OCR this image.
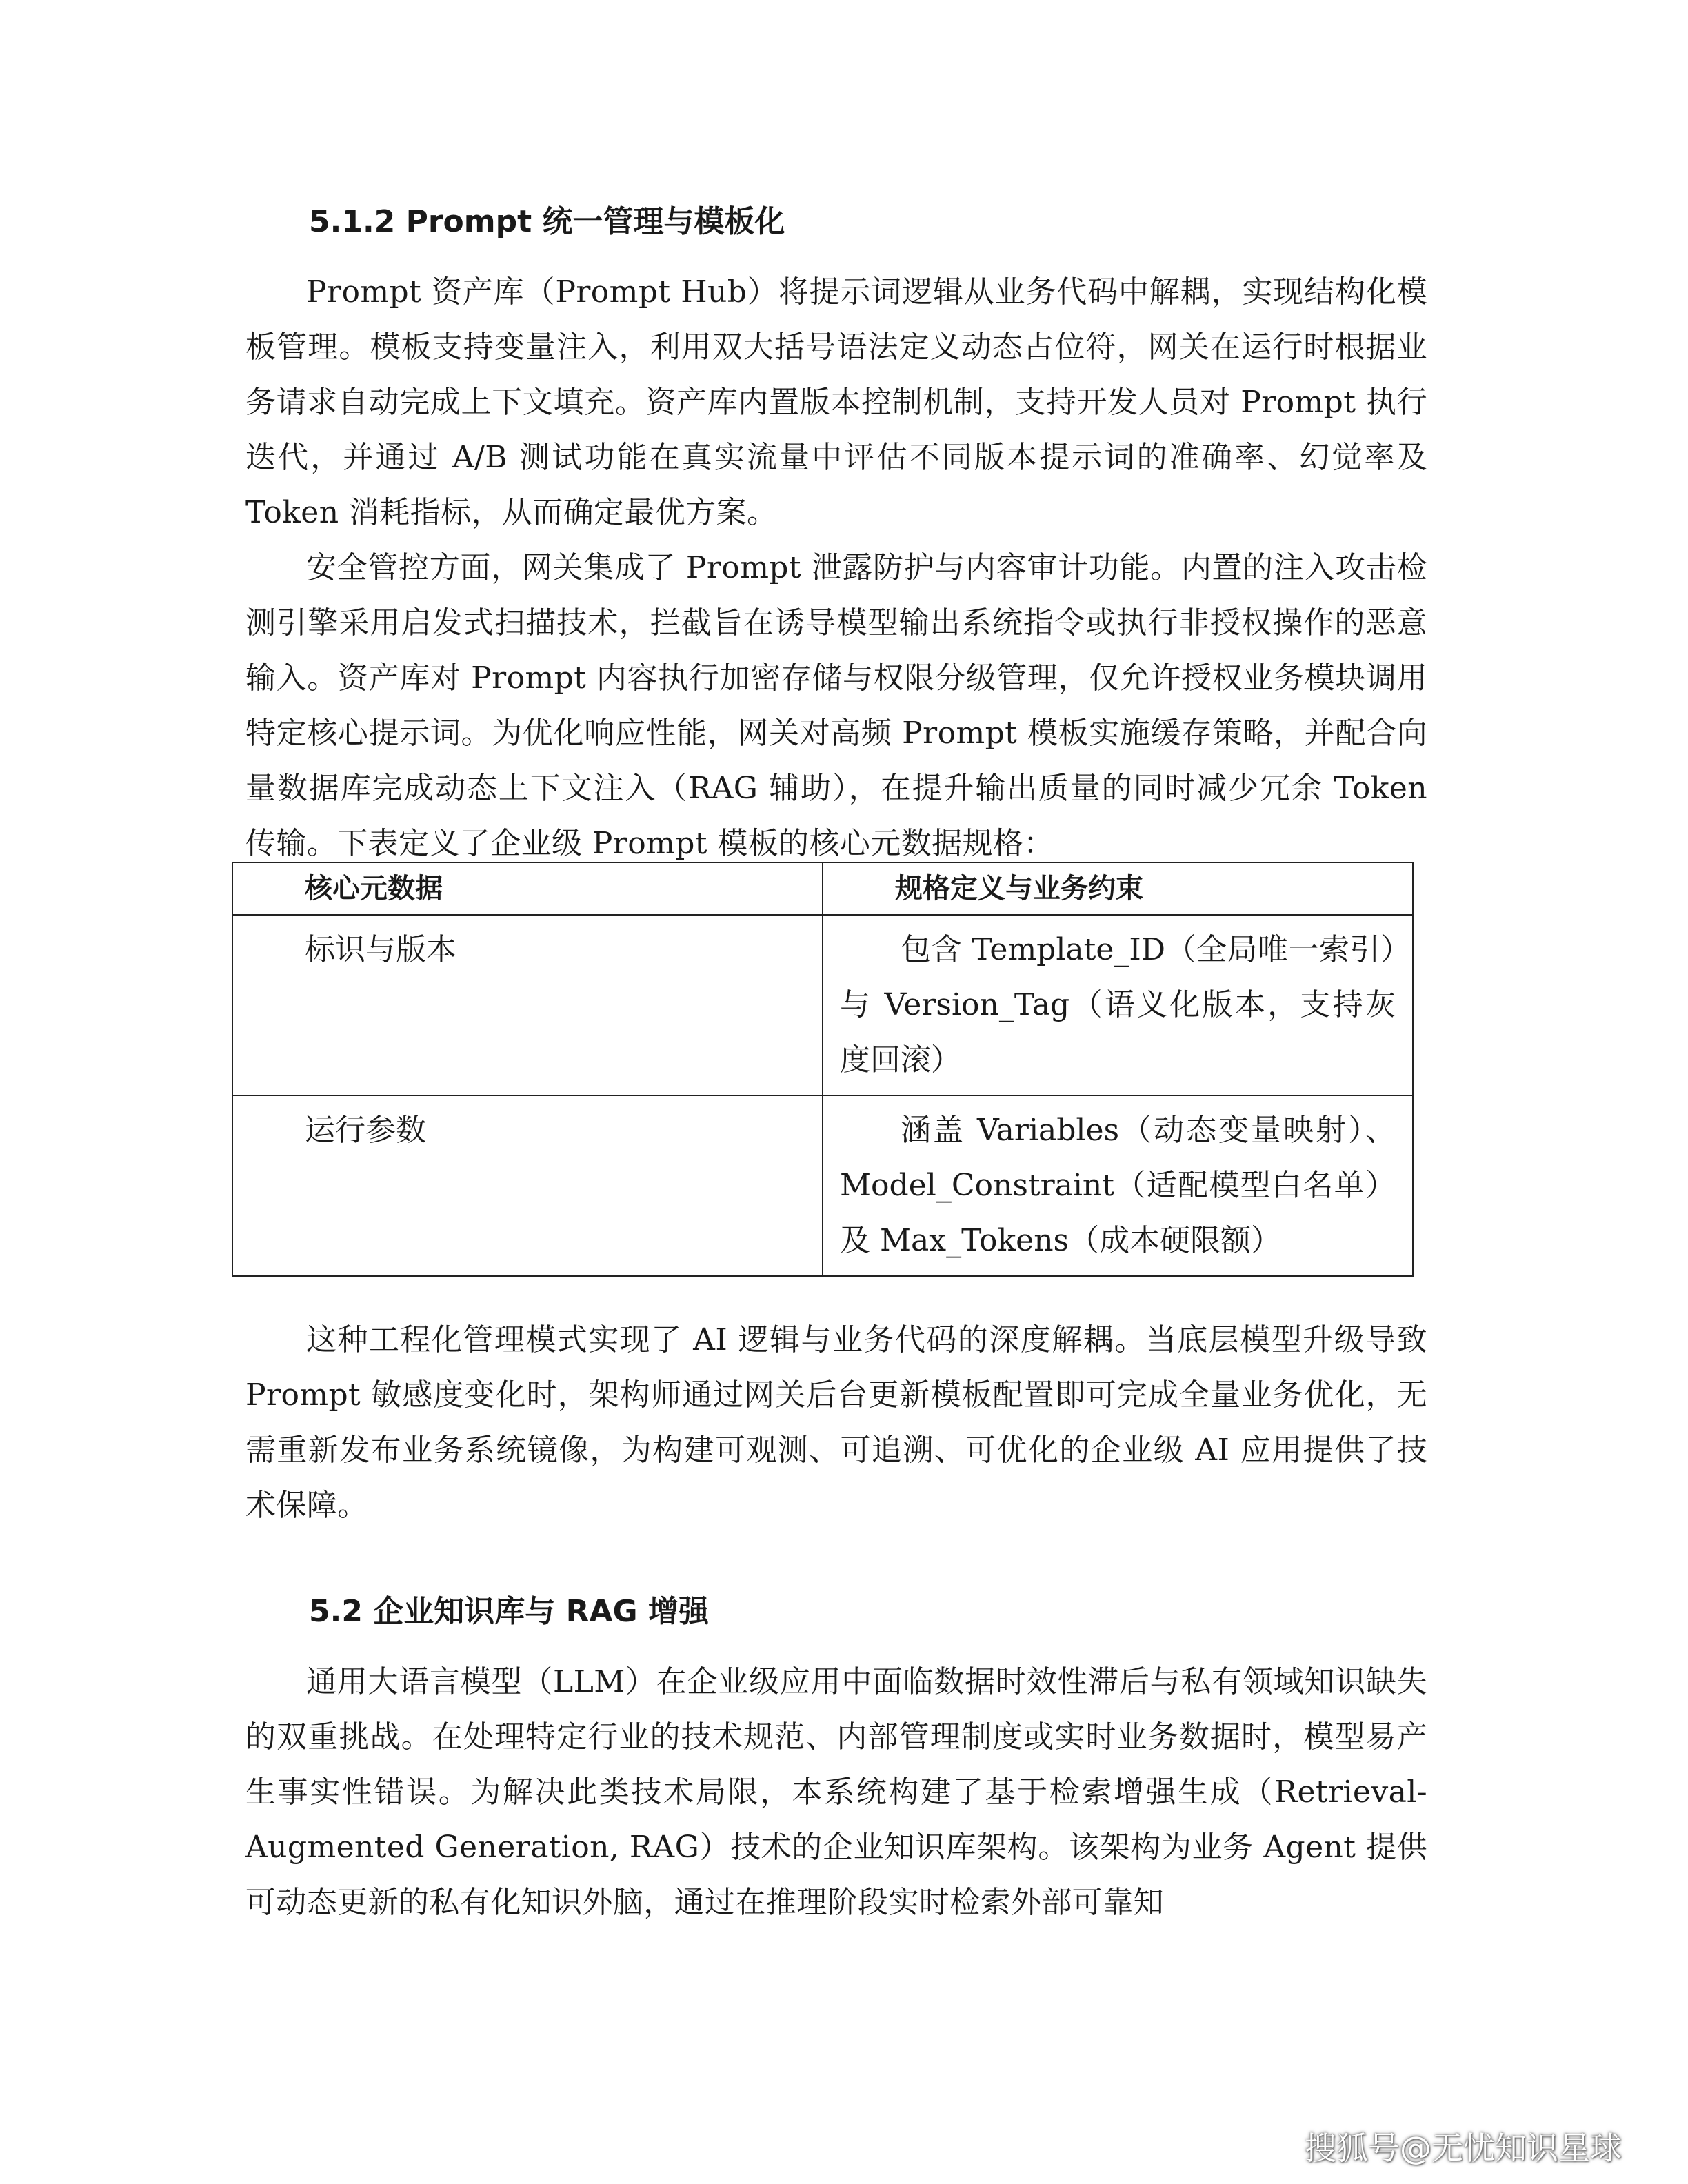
5.1.2 Prompt 统一管理与模板化

Prompt 资产库（Prompt Hub）将提示词逻辑从业务代码中解耦，实现结构化模板管理。模板支持变量注入，利用双大括号语法定义动态占位符，网关在运行时根据业务请求自动完成上下文填充。资产库内置版本控制机制，支持开发人员对 Prompt 执行迭代，并通过 A/B 测试功能在真实流量中评估不同版本提示词的准确率、幻觉率及 Token 消耗指标，从而确定最优方案。

安全管控方面，网关集成了 Prompt 泄露防护与内容审计功能。内置的注入攻击检测引擎采用启发式扫描技术，拦截旨在诱导模型输出系统指令或执行非授权操作的恶意输入。资产库对 Prompt 内容执行加密存储与权限分级管理，仅允许授权业务模块调用特定核心提示词。为优化响应性能，网关对高频 Prompt 模板实施缓存策略，并配合向量数据库完成动态上下文注入（RAG 辅助），在提升输出质量的同时减少冗余 Token 传输。下表定义了企业级 Prompt 模板的核心元数据规格：

核心元数据	规格定义与业务约束
标识与版本	包含 Template_ID（全局唯一索引）与 Version_Tag（语义化版本，支持灰度回滚）
运行参数	涵盖 Variables（动态变量映射）、Model_Constraint（适配模型白名单）及 Max_Tokens（成本硬限额）

这种工程化管理模式实现了 AI 逻辑与业务代码的深度解耦。当底层模型升级导致 Prompt 敏感度变化时，架构师通过网关后台更新模板配置即可完成全量业务优化，无需重新发布业务系统镜像，为构建可观测、可追溯、可优化的企业级 AI 应用提供了技术保障。

5.2 企业知识库与 RAG 增强

通用大语言模型（LLM）在企业级应用中面临数据时效性滞后与私有领域知识缺失的双重挑战。在处理特定行业的技术规范、内部管理制度或实时业务数据时，模型易产生事实性错误。为解决此类技术局限，本系统构建了基于检索增强生成（Retrieval-Augmented Generation, RAG）技术的企业知识库架构。该架构为业务 Agent 提供可动态更新的私有化知识外脑，通过在推理阶段实时检索外部可靠知

搜狐号@无忧知识星球
